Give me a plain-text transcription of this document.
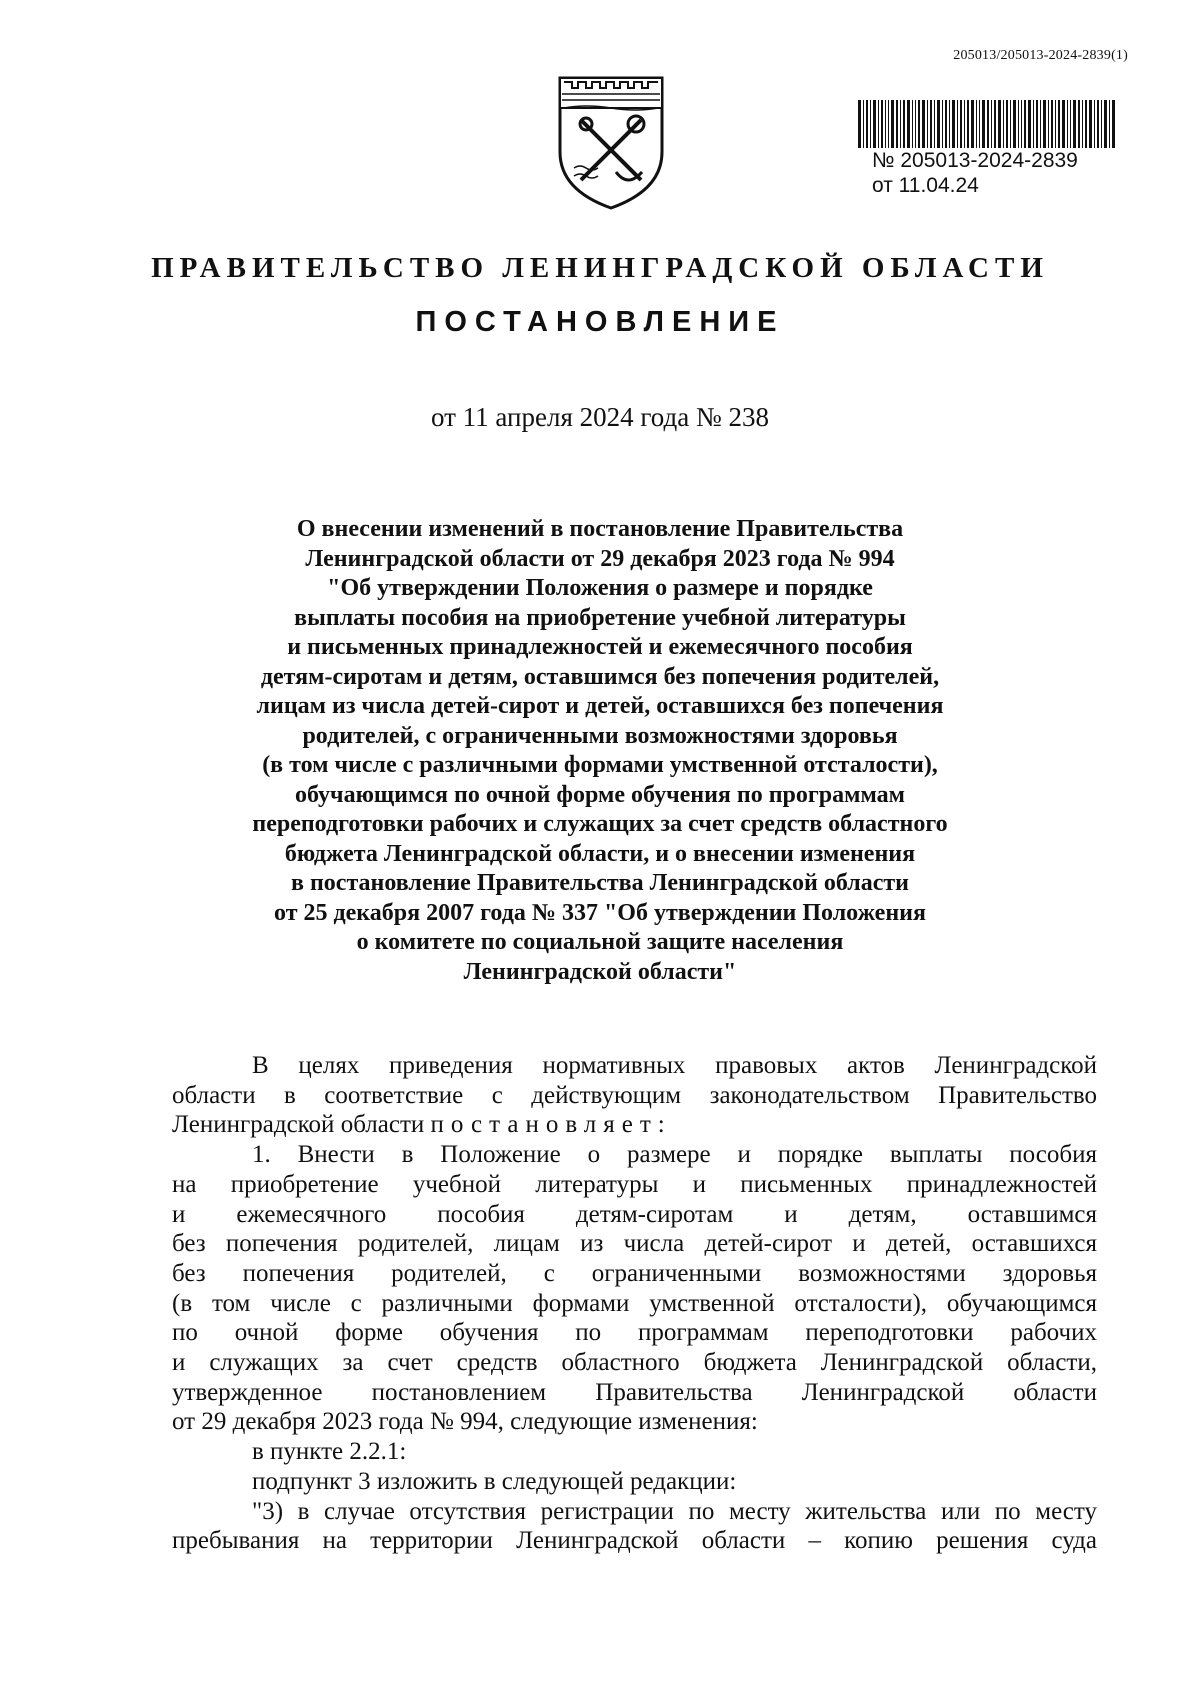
205013/205013-2024-2839(1)
№ 205013-2024-2839
от 11.04.24
ПРАВИТЕЛЬСТВО ЛЕНИНГРАДСКОЙ ОБЛАСТИ
ПОСТАНОВЛЕНИЕ
от 11 апреля 2024 года № 238
О внесении изменений в постановление Правительства
Ленинградской области от 29 декабря 2023 года № 994
"Об утверждении Положения о размере и порядке
выплаты пособия на приобретение учебной литературы
и письменных принадлежностей и ежемесячного пособия
детям-сиротам и детям, оставшимся без попечения родителей,
лицам из числа детей-сирот и детей, оставшихся без попечения
родителей, с ограниченными возможностями здоровья
(в том числе с различными формами умственной отсталости),
обучающимся по очной форме обучения по программам
переподготовки рабочих и служащих за счет средств областного
бюджета Ленинградской области, и о внесении изменения
в постановление Правительства Ленинградской области
от 25 декабря 2007 года № 337 "Об утверждении Положения
о комитете по социальной защите населения
Ленинградской области"
В целях приведения нормативных правовых актов Ленинградской
области в соответствие с действующим законодательством Правительство
Ленинградской области постановляет:
1. Внести в Положение о размере и порядке выплаты пособия
на приобретение учебной литературы и письменных принадлежностей
и ежемесячного пособия детям-сиротам и детям, оставшимся
без попечения родителей, лицам из числа детей-сирот и детей, оставшихся
без попечения родителей, с ограниченными возможностями здоровья
(в том числе с различными формами умственной отсталости), обучающимся
по очной форме обучения по программам переподготовки рабочих
и служащих за счет средств областного бюджета Ленинградской области,
утвержденное постановлением Правительства Ленинградской области
от 29 декабря 2023 года № 994, следующие изменения:
в пункте 2.2.1:
подпункт 3 изложить в следующей редакции:
"3) в случае отсутствия регистрации по месту жительства или по месту
пребывания на территории Ленинградской области – копию решения суда
